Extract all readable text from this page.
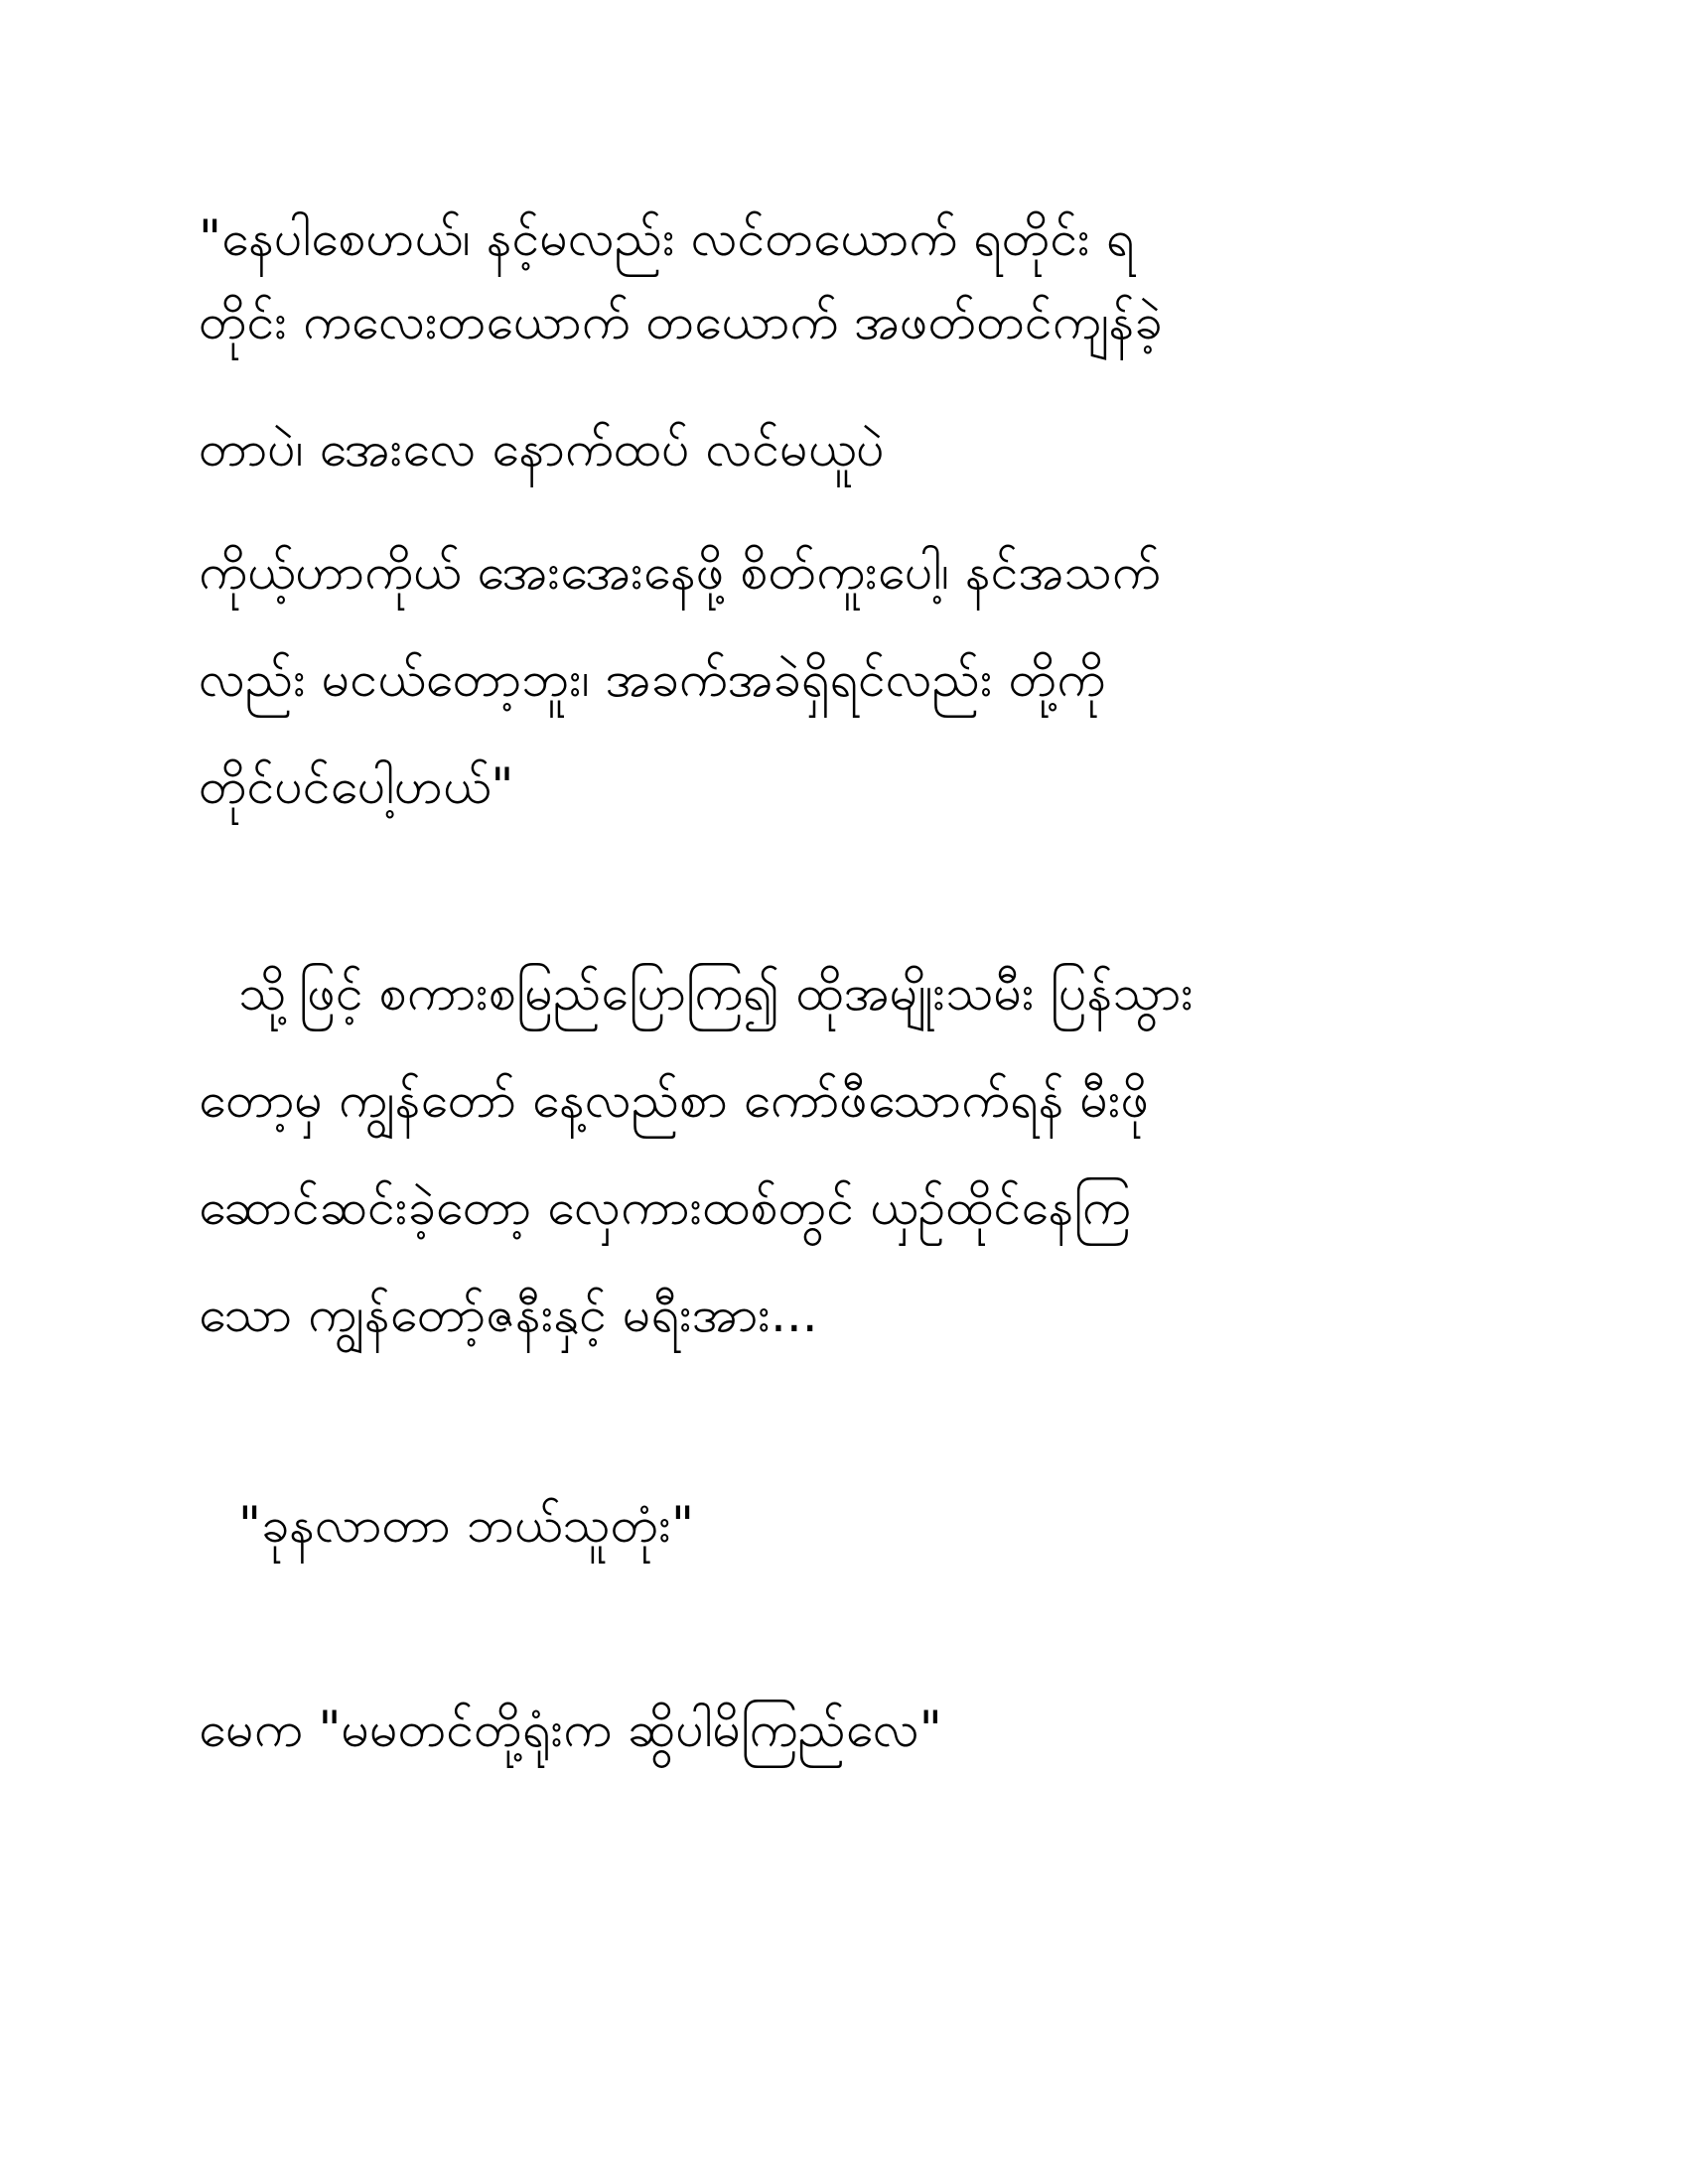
"နေပါစေဟယ်၊ နင့်မလည်း လင်တယောက် ရတိုင်း ရ
တိုင်း ကလေးတယောက် တယောက် အဖတ်တင်ကျန်ခဲ့
တာပဲ၊ အေးလေ နောက်ထပ် လင်မယူပဲ
ကိုယ့်ဟာကိုယ် အေးအေးနေဖို့ စိတ်ကူးပေါ့၊ နင်အသက်
လည်း မငယ်တော့ဘူး၊ အခက်အခဲရှိရင်လည်း တို့ကို
တိုင်ပင်ပေါ့ဟယ်"
သို့ဖြင့် စကားစမြည်ပြောကြ၍ ထိုအမျိုးသမီး ပြန်သွား
တော့မှ ကျွန်တော် နေ့လည်စာ ကော်ဖီသောက်ရန် မီးဖို
ဆောင်ဆင်းခဲ့တော့ လှေကားထစ်တွင် ယှဉ်ထိုင်နေကြ
သော ကျွန်တော့်ဇနီးနှင့် မရီးအား...
"ခုနလာတာ ဘယ်သူတုံး"
မေက "မမတင်တို့ရုံးက ဆွိပါမိကြည်လေ"
